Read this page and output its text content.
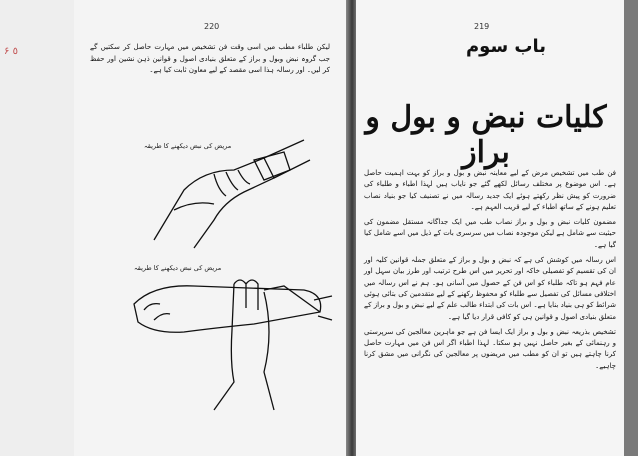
۶ ٥
220

لیکن طلباء مطب میں اسی وقت فن تشخیص میں مہارت حاصل کر سکتیں گے جب گروہ نبض وبول و براز کے متعلق بنیادی اصول و قوانین ذہن نشین اور حفظ کر لیں۔ اور رسالہ ہذا اسی مقصد کے لیے معاون ثابت کیا ہے۔

مریض کی نبض دیکھنے کا طریقہ
مریض کی نبض دیکھنے کا طریقہ
219
باب سوم
کلیات نبض و بول و براز

فن طب میں تشخیص مرض کے لیے معاینہ نبض و بول و براز کو بہت اہمیت حاصل ہے۔ اس موضوع پر مختلف رسائل لکھے گئے جو نایاب ہیں لہذا اطباء و طلباء کی ضرورت کو پیش نظر رکھتے ہوئے ایک جدید رسالہ میں نے تصنیف کیا جو بنیاد نصاب تعلیم ہونے کے ساتھ اطباء کے لیے قریب العہم ہے۔

مضمون کلیات نبض و بول و براز نصاب طب میں ایک جداگانہ مستقل مضمون کی حیثیت سے شامل ہے لیکن موجودہ نصاب میں سرسری بات کے ذیل میں اسے شامل کیا گیا ہے۔

اس رسالہ میں کوشش کی ہے کہ نبض و بول و براز کے متعلق جملہ قوانین کلیہ اور ان کی تقسیم کو تفصیلی خاکہ اور تحریر میں اس طرح ترتیب اور طرز بیان سہل اور عام فہم ہو تاکہ طلباء کو اس فن کے حصول میں آسانی ہو۔ ہم نے اس رسالہ میں اختلافی مسائل کی تفصیل سے طلباء کو محفوظ رکھنے کے لیے متقدمین کی بتائی ہوئی شرائط کو ہی بنیاد بنایا ہے۔ اس بات کی ابتداء طالب علم کے لیے نبض و بول و براز کے متعلق بنیادی اصول و قوانین ہی کو کافی قرار دیا گیا ہے۔

تشخیص بذریعہ نبض و بول و براز ایک ایسا فن ہے جو ماہرین معالجین کی سرپرستی و رہنمائی کے بغیر حاصل نہیں ہو سکتا۔ لہذا اطباء اگر اس فن میں مہارت حاصل کرنا چاہتے ہیں تو ان کو مطب میں مریضوں پر معالجین کی نگرانی میں مشق کرنا چاہیے۔
